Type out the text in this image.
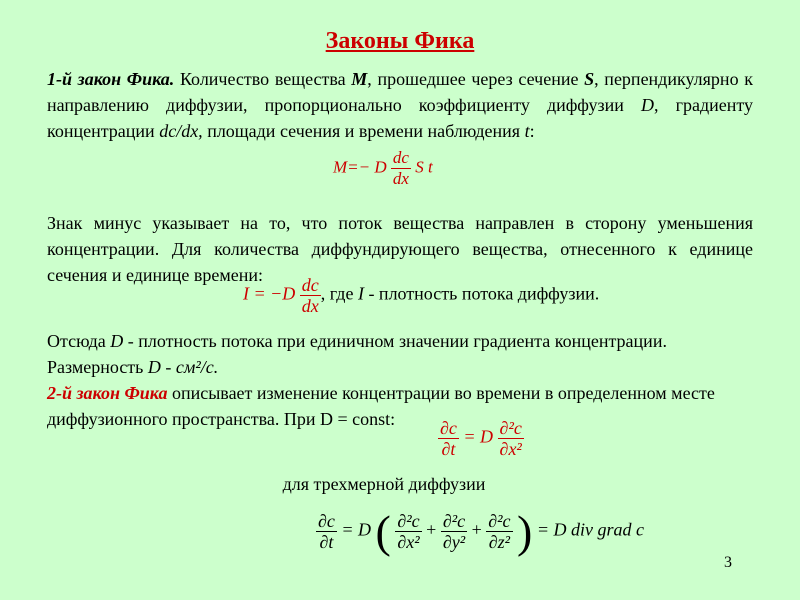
Законы Фика
1-й закон Фика. Количество вещества M, прошедшее через сечение S, перпендикулярно к направлению диффузии, пропорционально коэффициенту диффузии D, градиенту концентрации dc/dx, площади сечения и времени наблюдения t:
M=− D $\frac{dc}{dx}$ S t
Знак минус указывает на то, что поток вещества направлен в сторону уменьшения концентрации. Для количества диффундирующего вещества, отнесенного к единице сечения и единице времени:
$I = -D \frac{dc}{dx}$ , где I - плотность потока диффузии.
Отсюда D - плотность потока при единичном значении градиента концентрации.
Размерность D - см²/с.
2-й закон Фика описывает изменение концентрации во времени в определенном месте диффузионного пространства. При D = const:	$\frac{\partial c}{\partial t} = D \frac{\text{∂²c}}{\text{∂x²}}$
для трехмерной диффузии
$\frac{\partial c}{\partial t} = D$ ( $\frac{\text{∂²c}}{\text{∂x²}} + \frac{\text{∂²c}}{\text{∂y²}} + \frac{\text{∂²c}}{\text{∂z²}}$ ) = D div grad c
3
